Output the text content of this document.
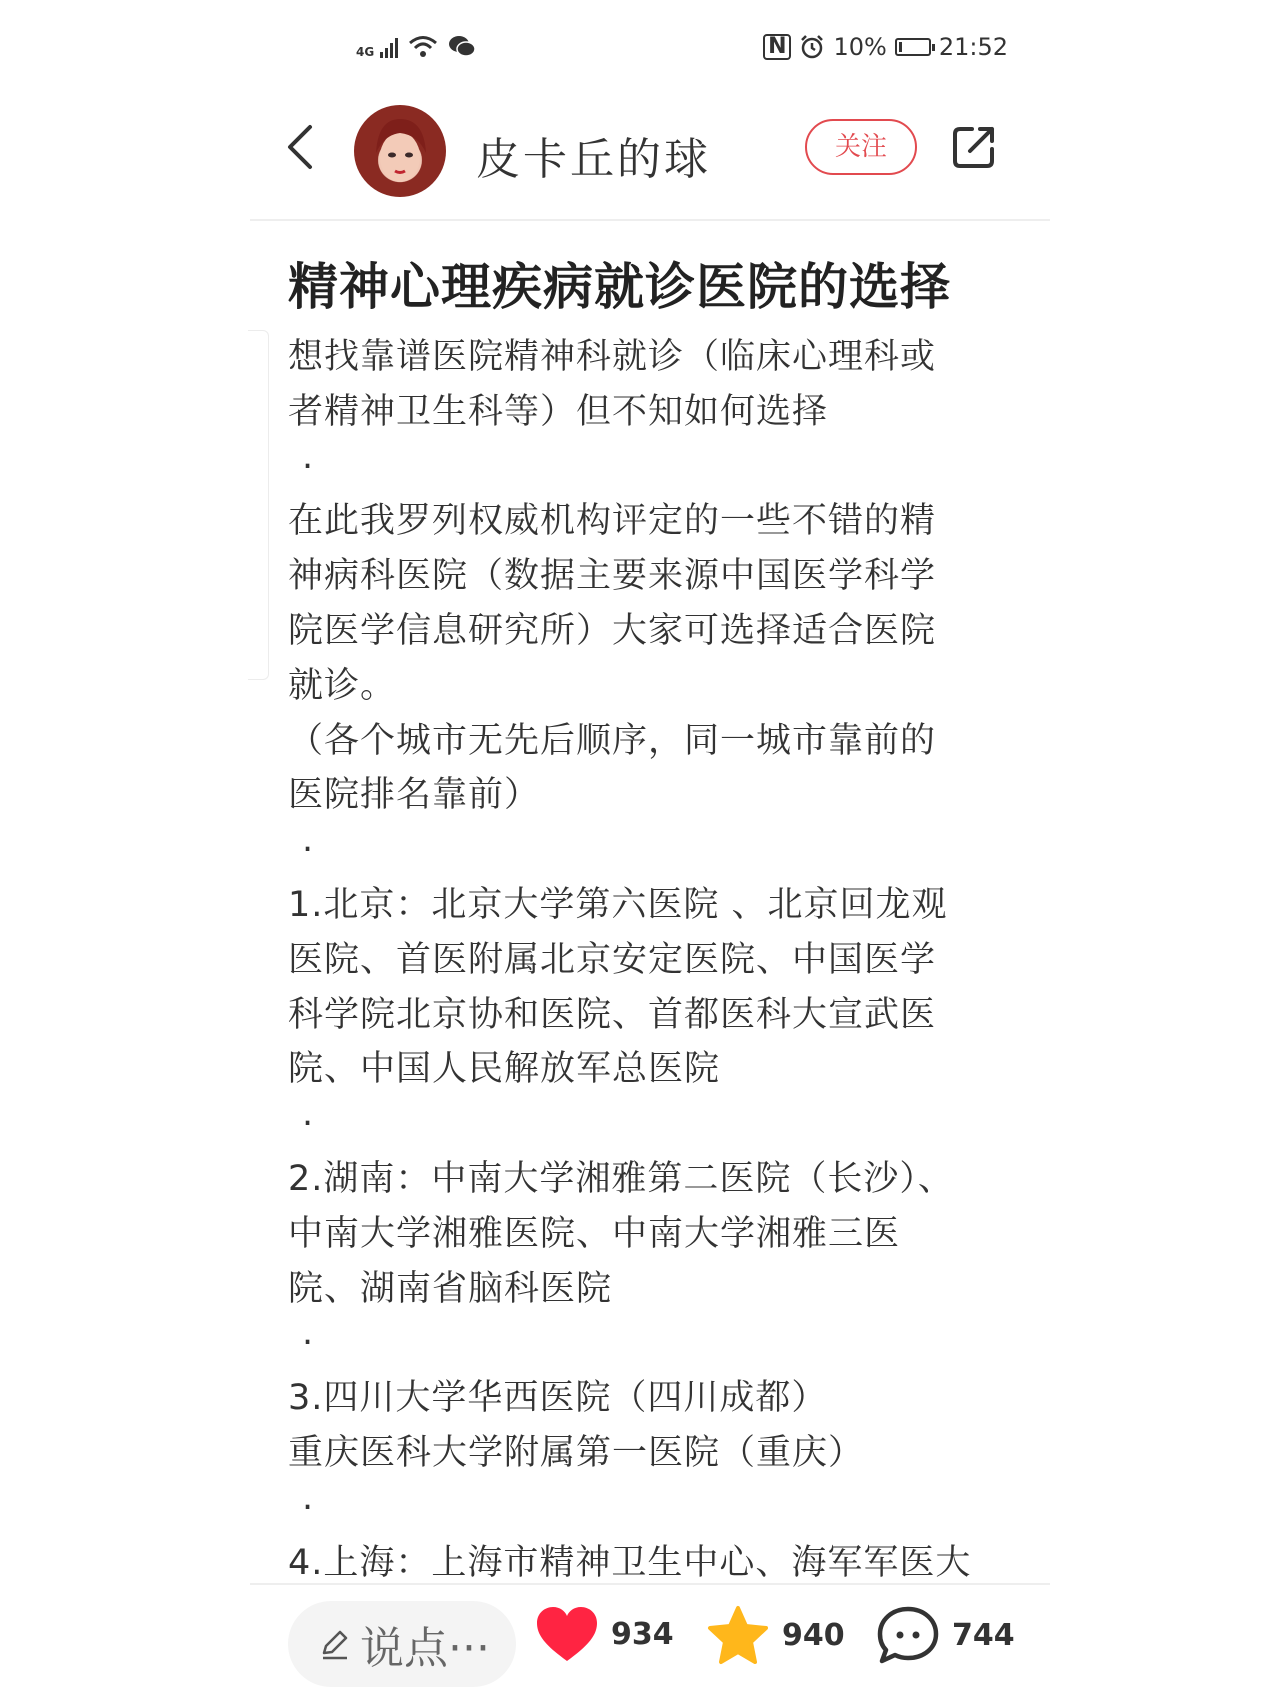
4G	N 10% 21:52
皮卡丘的球	关注
精神心理疾病就诊医院的选择

想找靠谱医院精神科就诊（临床心理科或
者精神卫生科等）但不知如何选择

·

在此我罗列权威机构评定的一些不错的精
神病科医院（数据主要来源中国医学科学
院医学信息研究所）大家可选择适合医院
就诊。

（各个城市无先后顺序，同一城市靠前的
医院排名靠前）

·

1.北京：北京大学第六医院 、北京回龙观
医院、首医附属北京安定医院、中国医学
科学院北京协和医院、首都医科大宣武医
院、中国人民解放军总医院

·

2.湖南：中南大学湘雅第二医院（长沙）、
中南大学湘雅医院、中南大学湘雅三医
院、湖南省脑科医院

·

3.四川大学华西医院（四川成都）
重庆医科大学附属第一医院（重庆）

·

4.上海：上海市精神卫生中心、海军军医大

说点···	934	940	744
